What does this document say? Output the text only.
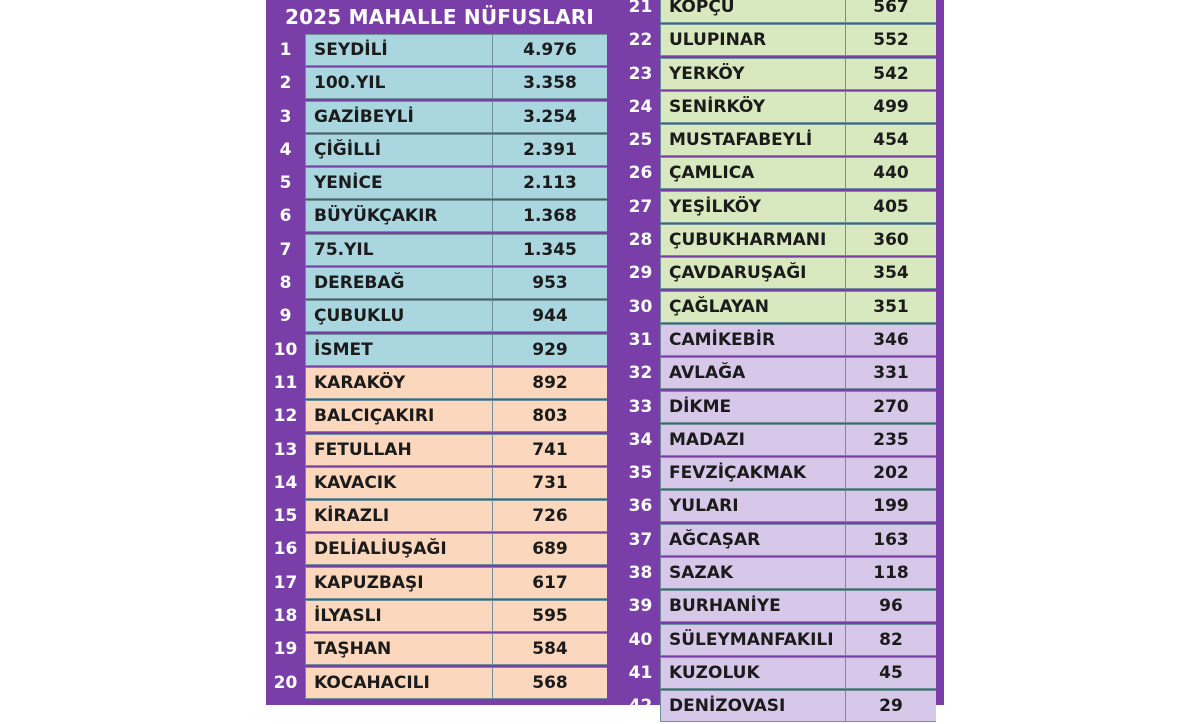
2025 MAHALLE NÜFUSLARI
1	SEYDİLİ	4.976
2	100.YIL	3.358
3	GAZİBEYLİ	3.254
4	ÇİĞİLLİ	2.391
5	YENİCE	2.113
6	BÜYÜKÇAKIR	1.368
7	75.YIL	1.345
8	DEREBAĞ	953
9	ÇUBUKLU	944
10 İSMET	929
11 KARAKÖY	892
12 BALCIÇAKIRI	803
13 FETULLAH	741
14 KAVACIK	731
15 KİRAZLI	726
16 DELİALİUŞAĞI	689
17 KAPUZBAŞI	617
18 İLYASLI	595
19 TAŞHAN	584
20 KOCAHACILI	568
21 KOPÇU	567
22 ULUPINAR	552
23 YERKÖY	542
24 SENİRKÖY	499
25 MUSTAFABEYLİ	454
26 ÇAMLICA	440
27 YEŞİLKÖY	405
28 ÇUBUKHARMANI	360
29 ÇAVDARUŞAĞI	354
30 ÇAĞLAYAN	351
31 CAMİKEBİR	346
32 AVLAĞA	331
33 DİKME	270
34 MADAZI	235
35 FEVZİÇAKMAK	202
36 YULARI	199
37 AĞCAŞAR	163
38 SAZAK	118
39 BURHANİYE	96
40 SÜLEYMANFAKILI	82
41 KUZOLUK	45
42 DENİZOVASI	29
